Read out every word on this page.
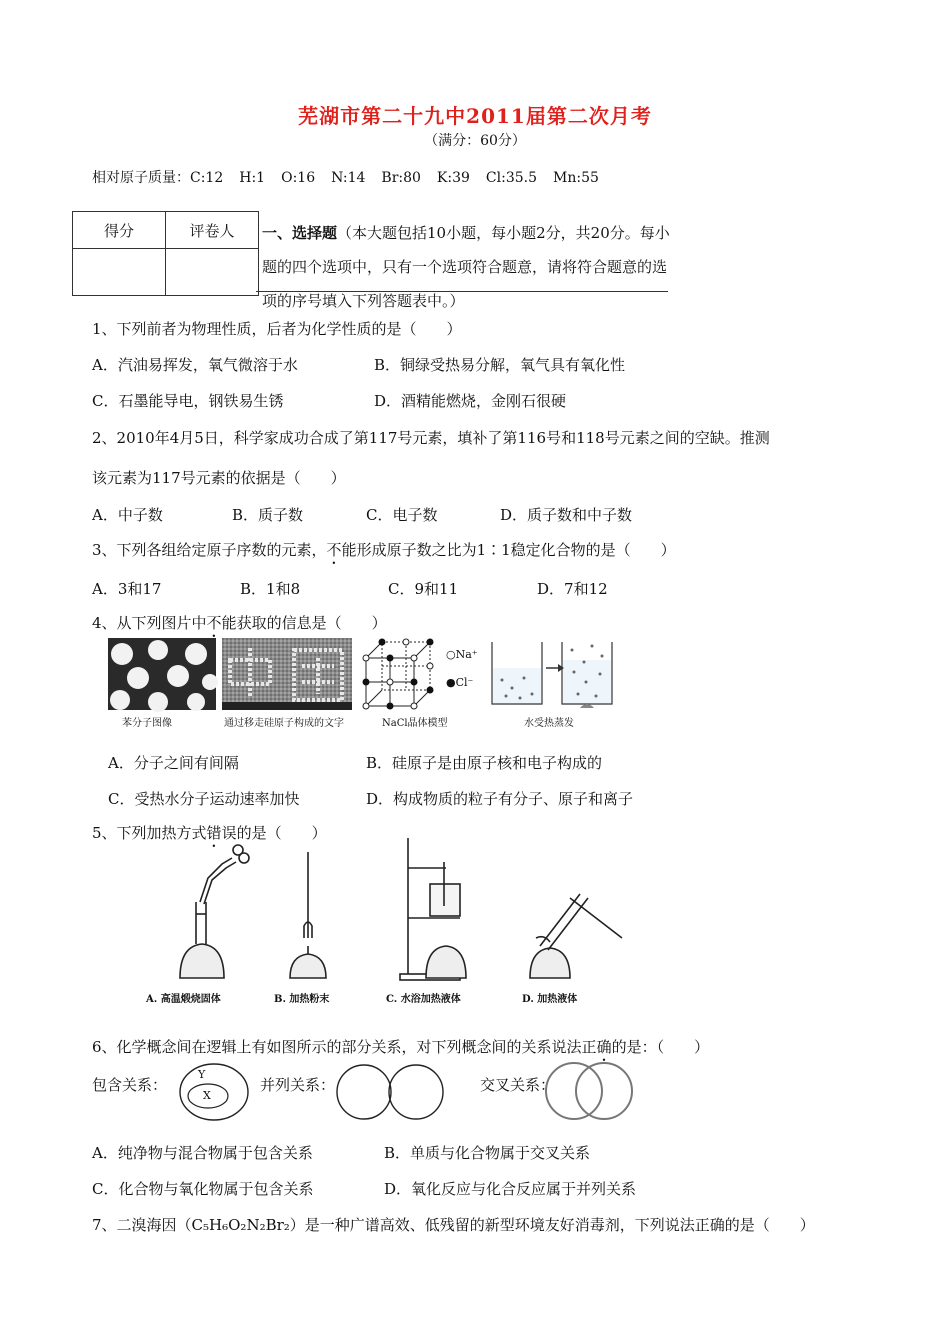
芜湖市第二十九中2011届第二次月考
（满分：60分）
相对原子质量：C:12 H:1 O:16 N:14 Br:80 K:39 Cl:35.5 Mn:55
得分	评卷人
	一、选择题（本大题包括10小题，每小题2分，共20分。每小题的四个选项中，只有一个选项符合题意，请将符合题意的选项的序号填入下列答题表中。）
1、下列前者为物理性质，后者为化学性质的是（　　）
A．汽油易挥发，氧气微溶于水	B．铜绿受热易分解，氧气具有氧化性
C．石墨能导电，钢铁易生锈	D．酒精能燃烧，金刚石很硬
2、2010年4月5日，科学家成功合成了第117号元素，填补了第116号和118号元素之间的空缺。推测
该元素为117号元素的依据是（　　）
A．中子数	B．质子数	C．电子数	D．质子数和中子数
3、下列各组给定原子序数的元素，不能形成原子数之比为1∶1稳定化合物的是（　　）
A．3和17	B．1和8	C．9和11	D．7和12
4、从下列图片中不能获取的信息是（　　）
苯分子图像	通过移走硅原子构成的文字
○Na⁺
●Cl⁻
NaCl晶体模型	水受热蒸发
A．分子之间有间隔	B．硅原子是由原子核和电子构成的
C．受热水分子运动速率加快	D．构成物质的粒子有分子、原子和离子
5、下列加热方式错误的是（　　）
A. 高温煅烧固体	B. 加热粉末	C. 水浴加热液体	D. 加热液体
6、化学概念间在逻辑上有如图所示的部分关系，对下列概念间的关系说法正确的是：（　　）
包含关系：
Y
X
并列关系：	交叉关系：
A．纯净物与混合物属于包含关系	B．单质与化合物属于交叉关系
C．化合物与氧化物属于包含关系	D．氧化反应与化合反应属于并列关系
7、二溴海因（C₅H₆O₂N₂Br₂）是一种广谱高效、低残留的新型环境友好消毒剂，下列说法正确的是（　　）
